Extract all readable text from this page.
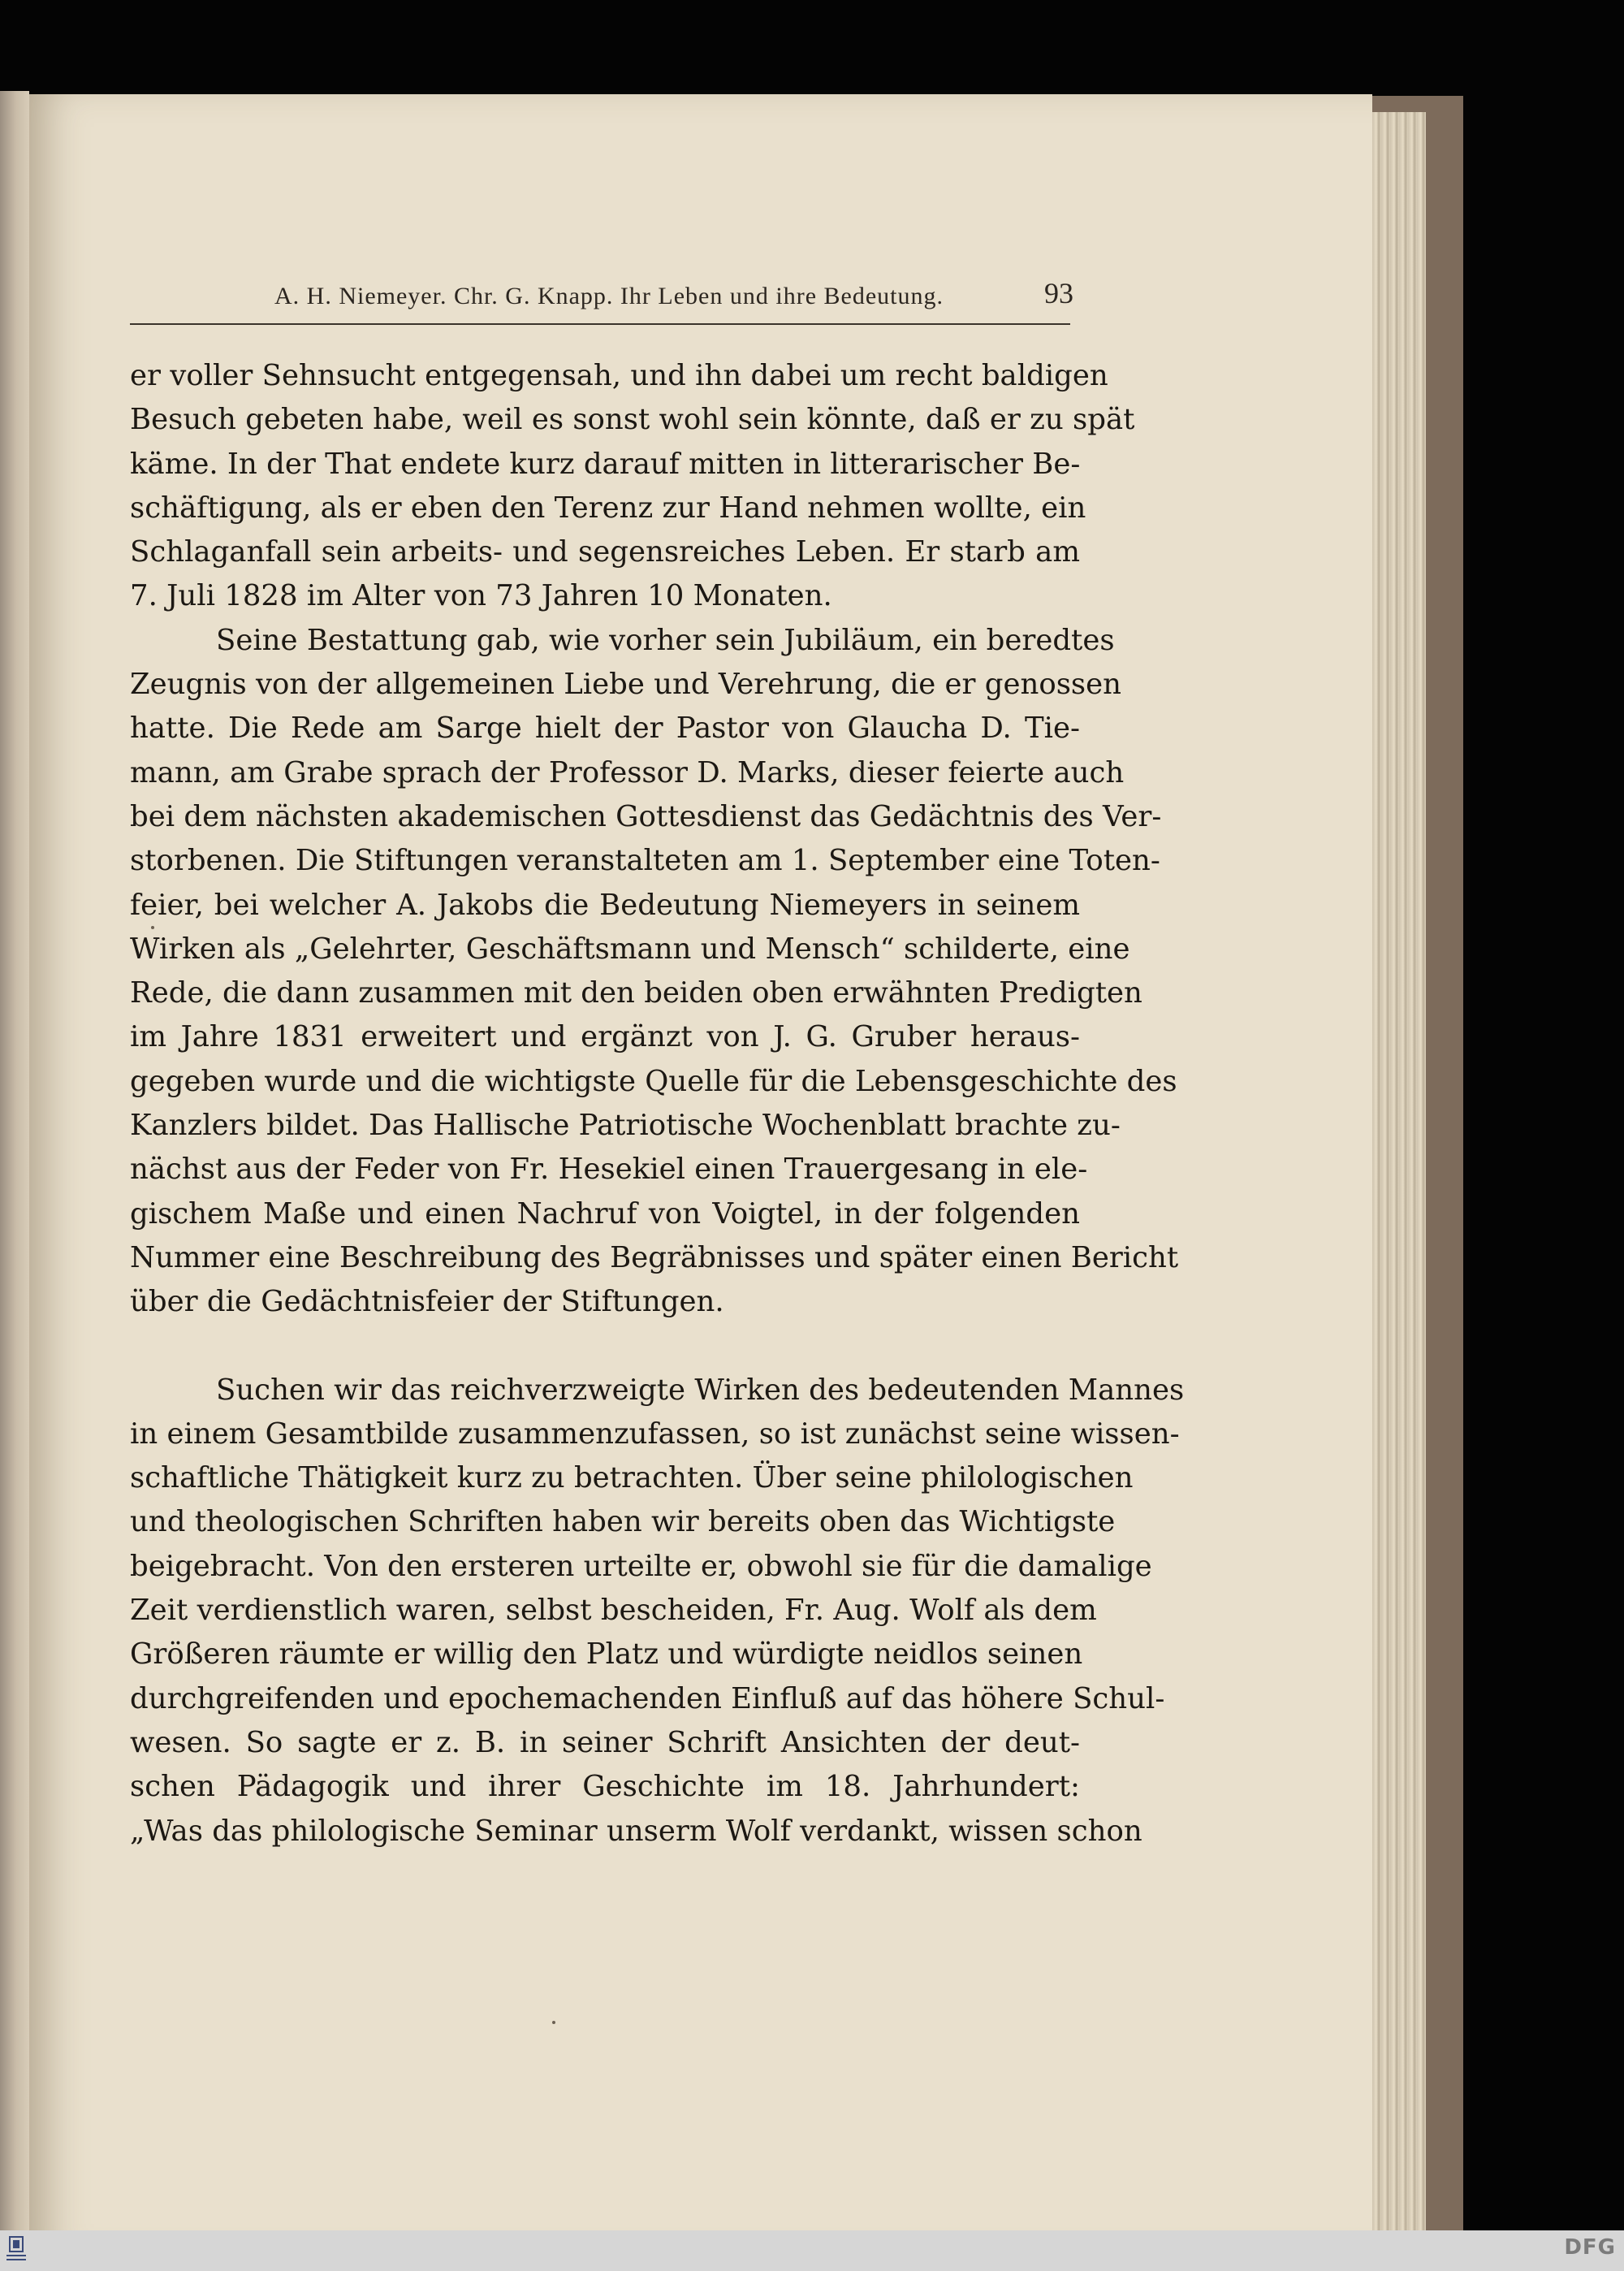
A. H. Niemeyer. Chr. G. Knapp. Ihr Leben und ihre Bedeutung.	93
er voller Sehnsucht entgegensah, und ihn dabei um recht baldigen
Besuch gebeten habe, weil es sonst wohl sein könnte, daß er zu spät
käme. In der That endete kurz darauf mitten in litterarischer Be-
schäftigung, als er eben den Terenz zur Hand nehmen wollte, ein
Schlaganfall sein arbeits- und segensreiches Leben. Er starb am
7. Juli 1828 im Alter von 73 Jahren 10 Monaten.
Seine Bestattung gab, wie vorher sein Jubiläum, ein beredtes
Zeugnis von der allgemeinen Liebe und Verehrung, die er genossen
hatte. Die Rede am Sarge hielt der Pastor von Glaucha D. Tie-
mann, am Grabe sprach der Professor D. Marks, dieser feierte auch
bei dem nächsten akademischen Gottesdienst das Gedächtnis des Ver-
storbenen. Die Stiftungen veranstalteten am 1. September eine Toten-
feier, bei welcher A. Jakobs die Bedeutung Niemeyers in seinem
Wirken als „Gelehrter, Geschäftsmann und Mensch“ schilderte, eine
Rede, die dann zusammen mit den beiden oben erwähnten Predigten
im Jahre 1831 erweitert und ergänzt von J. G. Gruber heraus-
gegeben wurde und die wichtigste Quelle für die Lebensgeschichte des
Kanzlers bildet. Das Hallische Patriotische Wochenblatt brachte zu-
nächst aus der Feder von Fr. Hesekiel einen Trauergesang in ele-
gischem Maße und einen Nachruf von Voigtel, in der folgenden
Nummer eine Beschreibung des Begräbnisses und später einen Bericht
über die Gedächtnisfeier der Stiftungen.
Suchen wir das reichverzweigte Wirken des bedeutenden Mannes
in einem Gesamtbilde zusammenzufassen, so ist zunächst seine wissen-
schaftliche Thätigkeit kurz zu betrachten. Über seine philologischen
und theologischen Schriften haben wir bereits oben das Wichtigste
beigebracht. Von den ersteren urteilte er, obwohl sie für die damalige
Zeit verdienstlich waren, selbst bescheiden, Fr. Aug. Wolf als dem
Größeren räumte er willig den Platz und würdigte neidlos seinen
durchgreifenden und epochemachenden Einfluß auf das höhere Schul-
wesen. So sagte er z. B. in seiner Schrift Ansichten der deut-
schen Pädagogik und ihrer Geschichte im 18. Jahrhundert:
„Was das philologische Seminar unserm Wolf verdankt, wissen schon
DFG
